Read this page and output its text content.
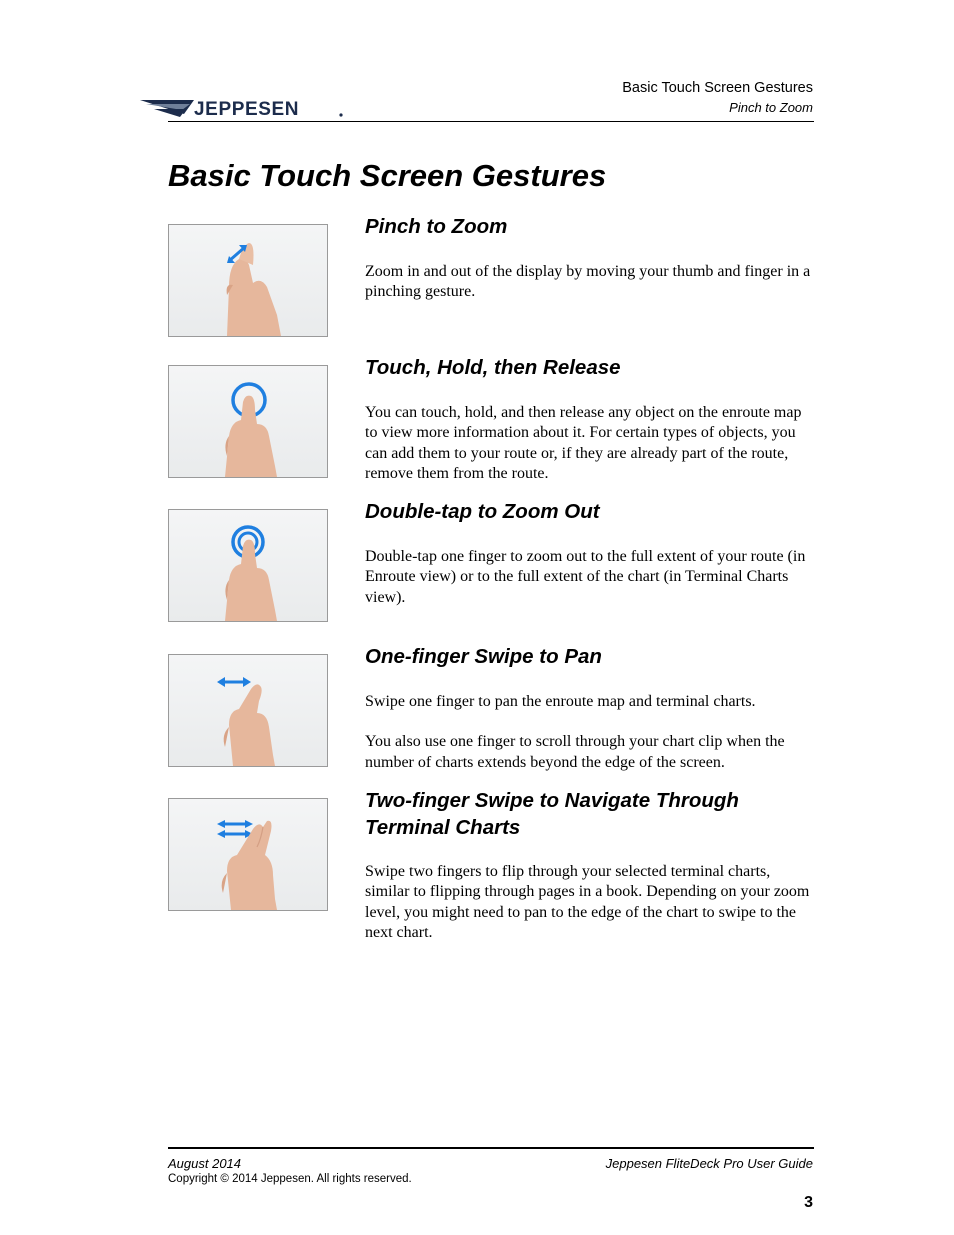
JEPPESEN
Basic Touch Screen Gestures
Pinch to Zoom
Basic Touch Screen Gestures
Pinch to Zoom

Zoom in and out of the display by moving your thumb and finger in a pinching gesture.

Touch, Hold, then Release

You can touch, hold, and then release any object on the enroute map to view more information about it. For certain types of objects, you can add them to your route or, if they are already part of the route, remove them from the route.

Double-tap to Zoom Out

Double-tap one finger to zoom out to the full extent of your route (in Enroute view) or to the full extent of the chart (in Terminal Charts view).

One-finger Swipe to Pan

Swipe one finger to pan the enroute map and terminal charts.

You also use one finger to scroll through your chart clip when the number of charts extends beyond the edge of the screen.

Two-finger Swipe to Navigate Through Terminal Charts

Swipe two fingers to flip through your selected terminal charts, similar to flipping through pages in a book. Depending on your zoom level, you might need to pan to the edge of the chart to swipe to the next chart.

August 2014	Jeppesen FliteDeck Pro User Guide
Copyright © 2014 Jeppesen. All rights reserved.
3
